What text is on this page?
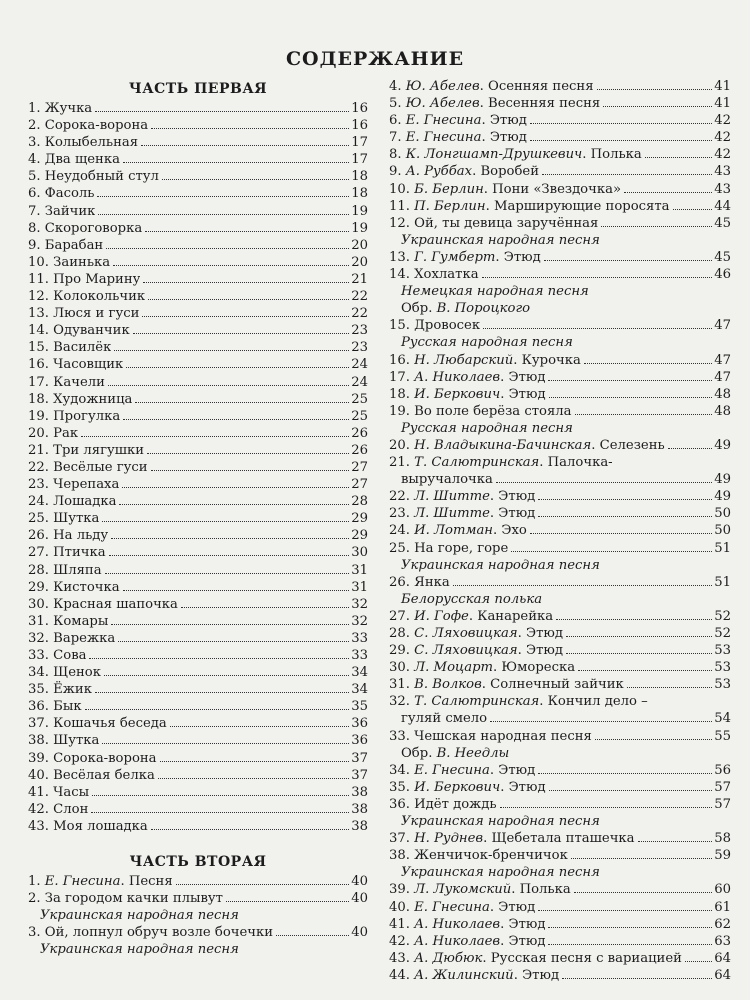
СОДЕРЖАНИЕ
ЧАСТЬ ПЕРВАЯ
1. Жучка	16
2. Сорока-ворона	16
3. Колыбельная	17
4. Два щенка	17
5. Неудобный стул	18
6. Фасоль	18
7. Зайчик	19
8. Скороговорка	19
9. Барабан	20
10. Заинька	20
11. Про Марину	21
12. Колокольчик	22
13. Люся и гуси	22
14. Одуванчик	23
15. Василёк	23
16. Часовщик	24
17. Качели	24
18. Художница	25
19. Прогулка	25
20. Рак	26
21. Три лягушки	26
22. Весёлые гуси	27
23. Черепаха	27
24. Лошадка	28
25. Шутка	29
26. На льду	29
27. Птичка	30
28. Шляпа	31
29. Кисточка	31
30. Красная шапочка	32
31. Комары	32
32. Варежка	33
33. Сова	33
34. Щенок	34
35. Ёжик	34
36. Бык	35
37. Кошачья беседа	36
38. Шутка	36
39. Сорока-ворона	37
40. Весёлая белка	37
41. Часы	38
42. Слон	38
43. Моя лошадка	38
ЧАСТЬ ВТОРАЯ
1. Е. Гнесина. Песня	40
2. За городом качки плывут	40
Украинская народная песня
3. Ой, лопнул обруч возле бочечки	40
Украинская народная песня
4. Ю. Абелев. Осенняя песня	41
5. Ю. Абелев. Весенняя песня	41
6. Е. Гнесина. Этюд	42
7. Е. Гнесина. Этюд	42
8. К. Лонгшамп-Друшкевич. Полька	42
9. А. Руббах. Воробей	43
10. Б. Берлин. Пони «Звездочка»	43
11. П. Берлин. Марширующие поросята	44
12. Ой, ты девица заручённая	45
Украинская народная песня
13. Г. Гумберт. Этюд	45
14. Хохлатка	46
Немецкая народная песня
Обр. В. Пороцкого
15. Дровосек	47
Русская народная песня
16. Н. Любарский. Курочка	47
17. А. Николаев. Этюд	47
18. И. Беркович. Этюд	48
19. Во поле берёза стояла	48
Русская народная песня
20. Н. Владыкина-Бачинская. Селезень	49
21. Т. Салютринская. Палочка-
выручалочка	49
22. Л. Шитте. Этюд	49
23. Л. Шитте. Этюд	50
24. И. Лотман. Эхо	50
25. На горе, горе	51
Украинская народная песня
26. Янка	51
Белорусская полька
27. И. Гофе. Канарейка	52
28. С. Ляховицкая. Этюд	52
29. С. Ляховицкая. Этюд	53
30. Л. Моцарт. Юмореска	53
31. В. Волков. Солнечный зайчик	53
32. Т. Салютринская. Кончил дело –
гуляй смело	54
33. Чешская народная песня	55
Обр. В. Неедлы
34. Е. Гнесина. Этюд	56
35. И. Беркович. Этюд	57
36. Идёт дождь	57
Украинская народная песня
37. Н. Руднев. Щебетала пташечка	58
38. Женчичок-бренчичок	59
Украинская народная песня
39. Л. Лукомский. Полька	60
40. Е. Гнесина. Этюд	61
41. А. Николаев. Этюд	62
42. А. Николаев. Этюд	63
43. А. Дюбюк. Русская песня с вариацией 64
44. А. Жилинский. Этюд	64
